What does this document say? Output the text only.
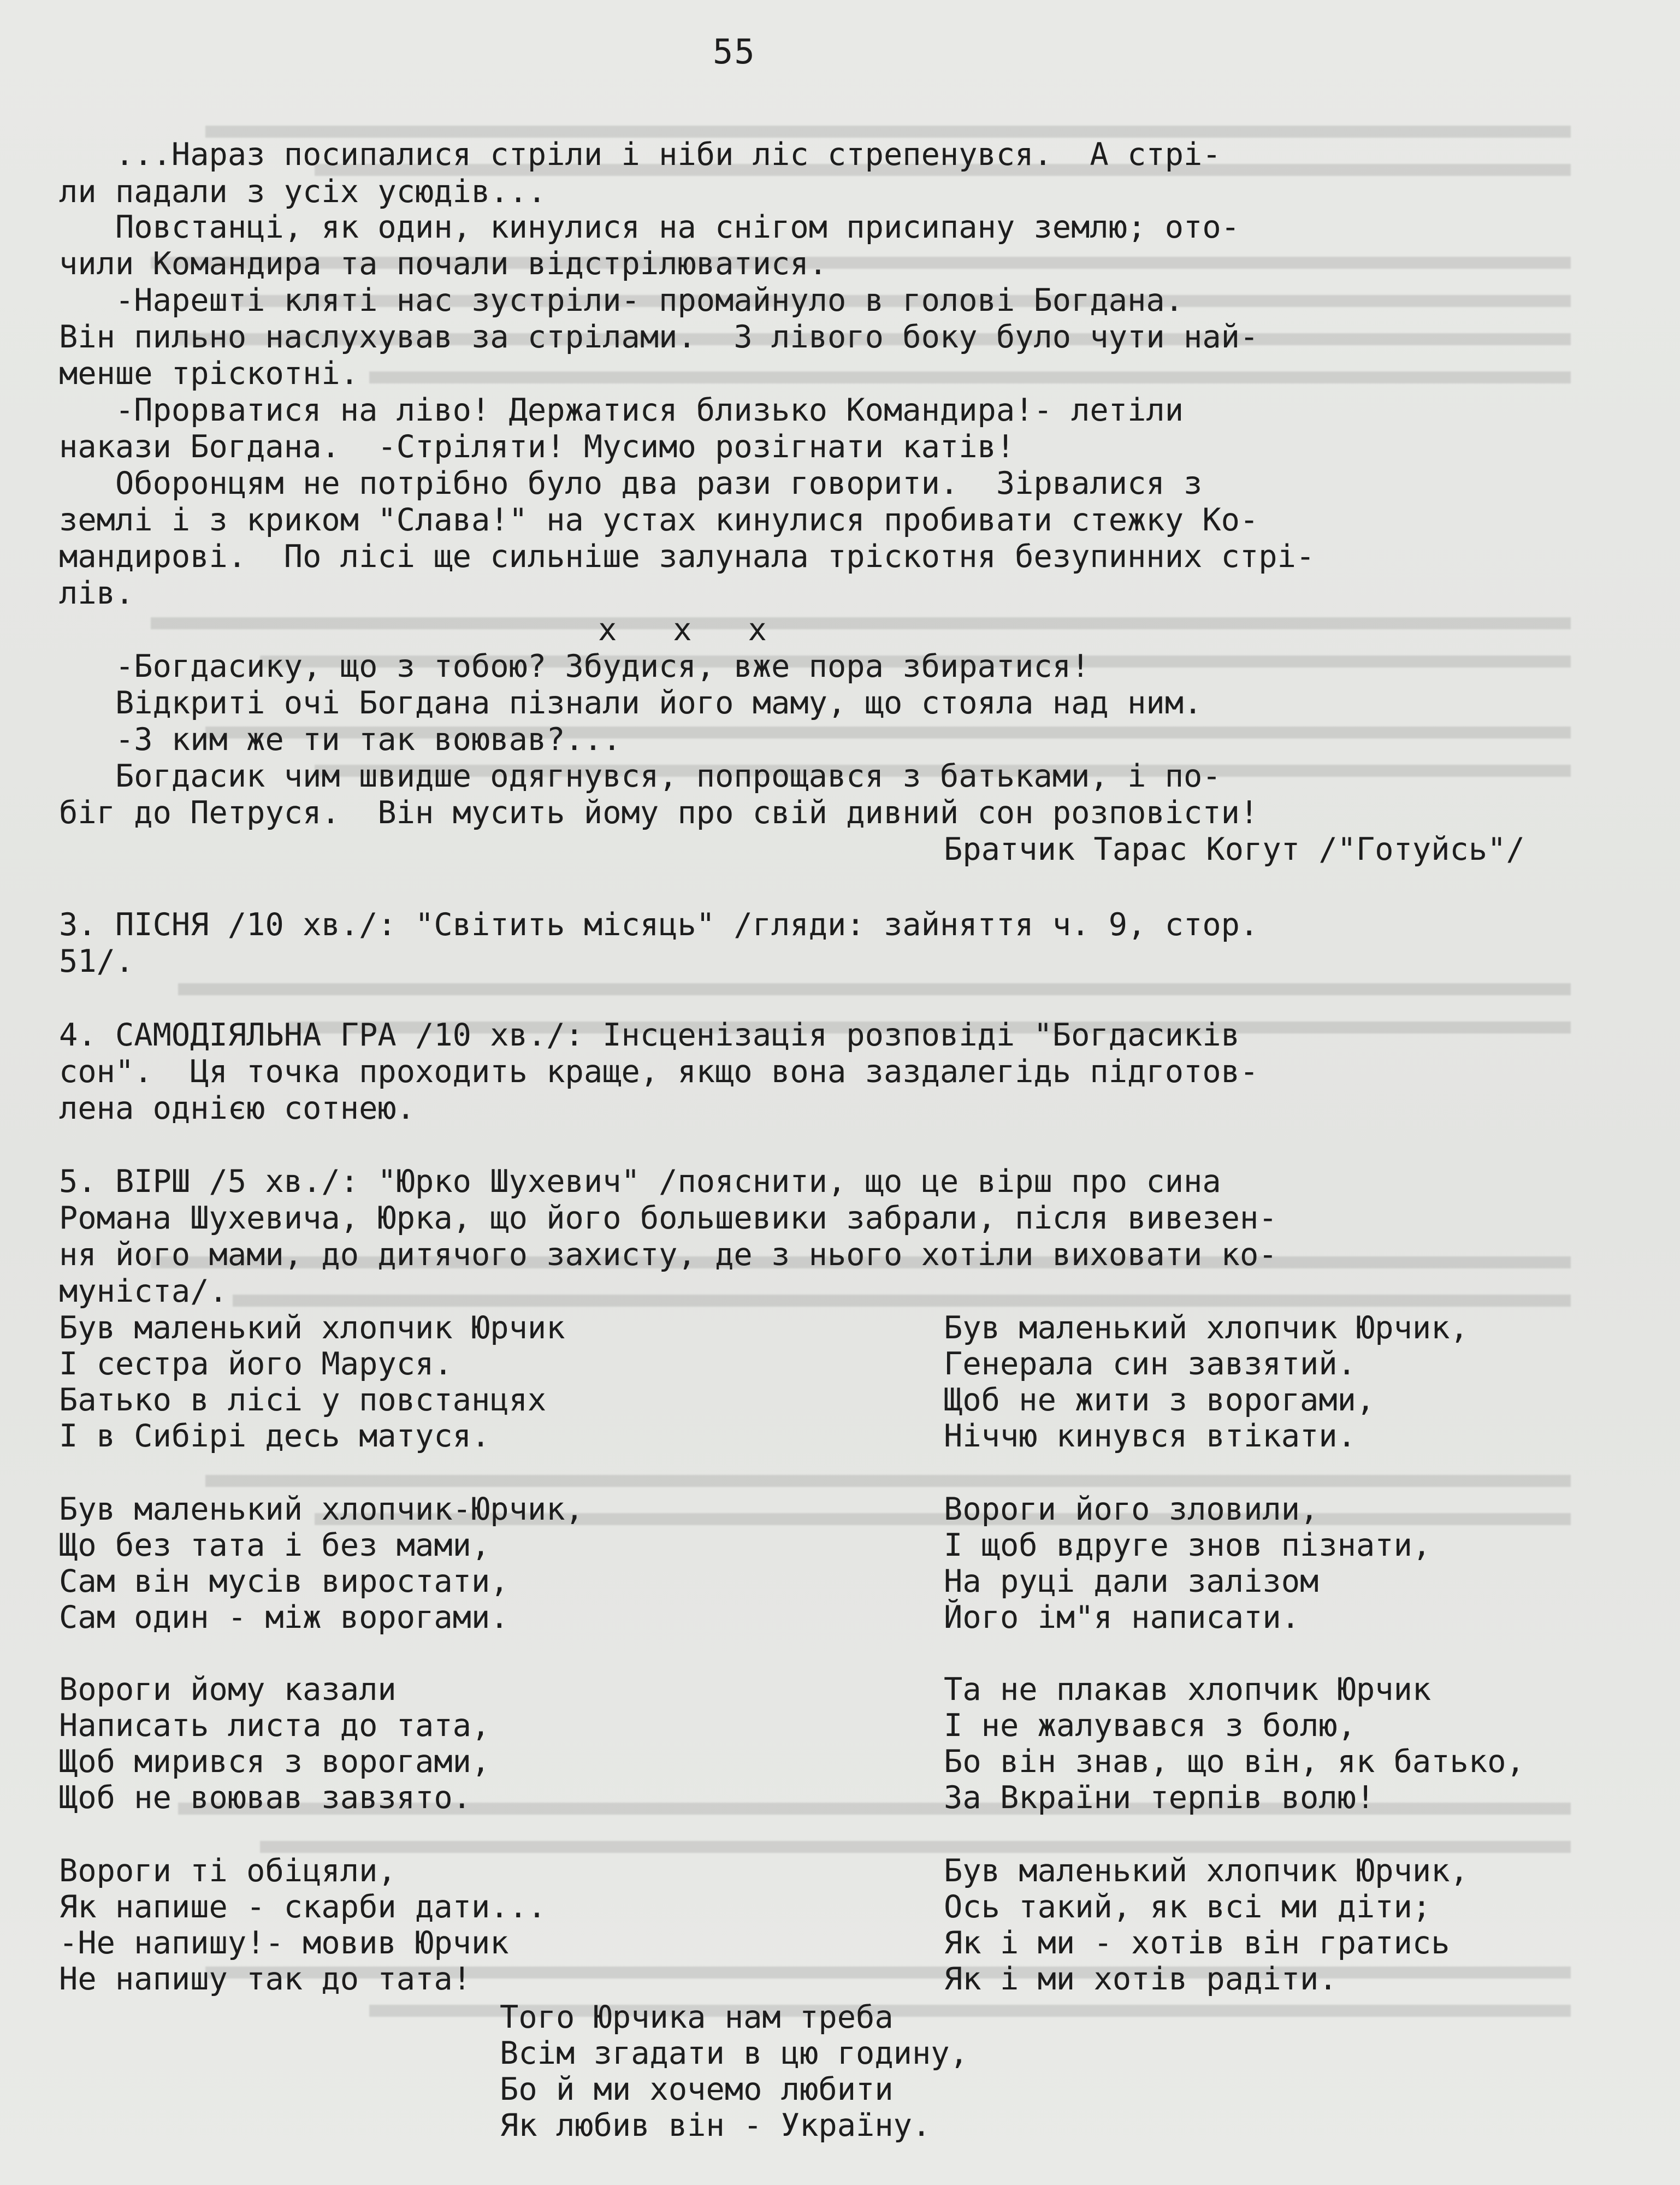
55
...Нараз посипалися стріли і ніби ліс стрепенувся.  А стрі-
ли падали з усіх усюдів...
Повстанці, як один, кинулися на снігом присипану землю; ото-
чили Командира та почали відстрілюватися.
-Нарешті кляті нас зустріли- промайнуло в голові Богдана.
Він пильно наслухував за стрілами.  З лівого боку було чути най-
менше тріскотні.
-Прорватися на ліво! Держатися близько Командира!- летіли
накази Богдана.  -Стріляти! Мусимо розігнати катів!
Оборонцям не потрібно було два рази говорити.  Зірвалися з
землі і з криком "Слава!" на устах кинулися пробивати стежку Ко-
мандирові.  По лісі ще сильніше залунала тріскотня безупинних стрі-
лів.
x   x   x
-Богдасику, що з тобою? Збудися, вже пора збиратися!
Відкриті очі Богдана пізнали його маму, що стояла над ним.
-З ким же ти так воював?...
Богдасик чим швидше одягнувся, попрощався з батьками, і по-
біг до Петруся.  Він мусить йому про свій дивний сон розповісти!
Братчик Тарас Когут /"Готуйсь"/
3. ПІСНЯ /10 хв./: "Світить місяць" /гляди: зайняття ч. 9, стор.
51/.
4. САМОДІЯЛЬНА ГРА /10 хв./: Інсценізація розповіді "Богдасиків
сон".  Ця точка проходить краще, якщо вона заздалегідь підготов-
лена однією сотнею.
5. ВІРШ /5 хв./: "Юрко Шухевич" /пояснити, що це вірш про сина
Романа Шухевича, Юрка, що його большевики забрали, після вивезен-
ня його мами, до дитячого захисту, де з нього хотіли виховати ко-
муніста/.
Був маленький хлопчик Юрчик
І сестра його Маруся.
Батько в лісі у повстанцях
І в Сибірі десь матуся.
Був маленький хлопчик-Юрчик,
Що без тата і без мами,
Сам він мусів виростати,
Сам один - між ворогами.
Вороги йому казали
Написать листа до тата,
Щоб мирився з ворогами,
Щоб не воював завзято.
Вороги ті обіцяли,
Як напише - скарби дати...
-Не напишу!- мовив Юрчик
Не напишу так до тата!
Був маленький хлопчик Юрчик,
Генерала син завзятий.
Щоб не жити з ворогами,
Ніччю кинувся втікати.
Вороги його зловили,
І щоб вдруге знов пізнати,
На руці дали залізом
Його ім"я написати.
Та не плакав хлопчик Юрчик
І не жалувався з болю,
Бо він знав, що він, як батько,
За Вкраїни терпів волю!
Був маленький хлопчик Юрчик,
Ось такий, як всі ми діти;
Як і ми - хотів він гратись
Як і ми хотів радіти.
Того Юрчика нам треба
Всім згадати в цю годину,
Бо й ми хочемо любити
Як любив він - Україну.
